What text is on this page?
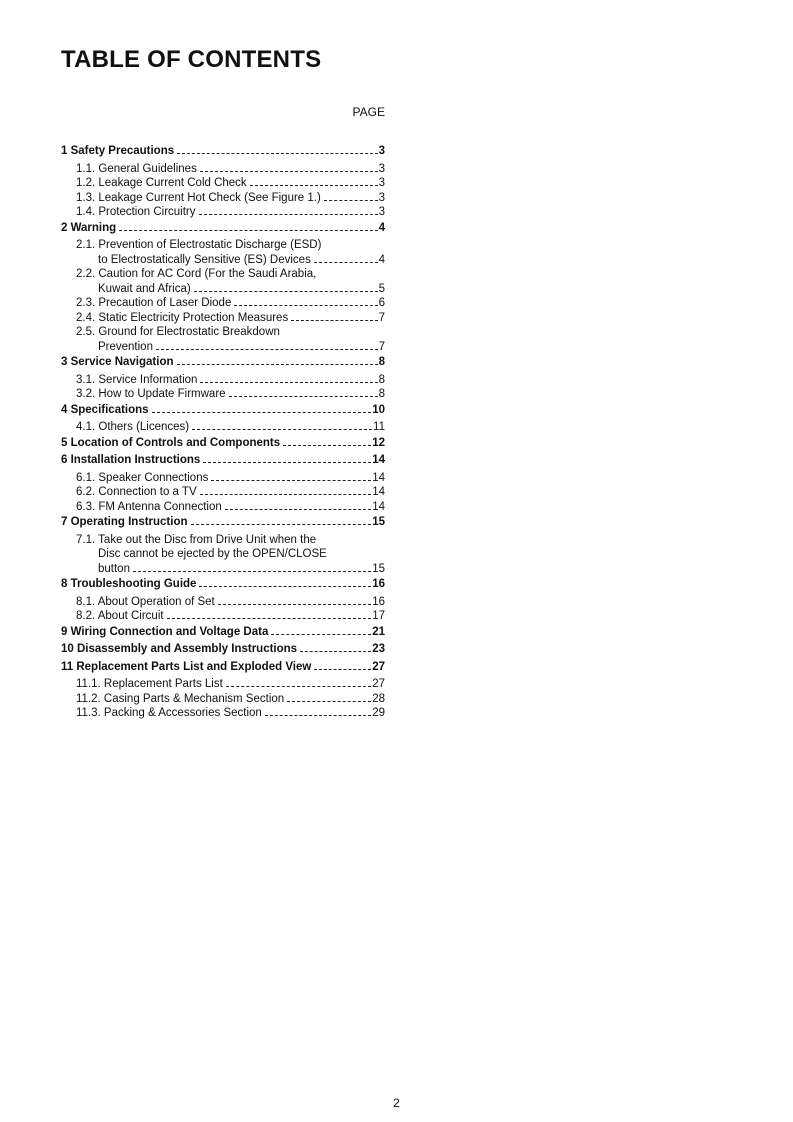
TABLE OF CONTENTS
PAGE
1 Safety Precautions	3
1.1. General Guidelines	3
1.2. Leakage Current Cold Check	3
1.3. Leakage Current Hot Check (See Figure 1.)	3
1.4. Protection Circuitry	3
2 Warning	4
2.1. Prevention of Electrostatic Discharge (ESD)
to Electrostatically Sensitive (ES) Devices	4
2.2. Caution for AC Cord (For the Saudi Arabia,
Kuwait and Africa)	5
2.3. Precaution of Laser Diode	6
2.4. Static Electricity Protection Measures	7
2.5. Ground for Electrostatic Breakdown
Prevention	7
3 Service Navigation	8
3.1. Service Information	8
3.2. How to Update Firmware	8
4 Specifications	10
4.1. Others (Licences)	11
5 Location of Controls and Components	12
6 Installation Instructions	14
6.1. Speaker Connections	14
6.2. Connection to a TV	14
6.3. FM Antenna Connection	14
7 Operating Instruction	15
7.1. Take out the Disc from Drive Unit when the
Disc cannot be ejected by the OPEN/CLOSE
button	15
8 Troubleshooting Guide	16
8.1. About Operation of Set	16
8.2. About Circuit	17
9 Wiring Connection and Voltage Data	21
10 Disassembly and Assembly Instructions	23
11 Replacement Parts List and Exploded View	27
11.1. Replacement Parts List	27
11.2. Casing Parts & Mechanism Section	28
11.3. Packing & Accessories Section	29
2
